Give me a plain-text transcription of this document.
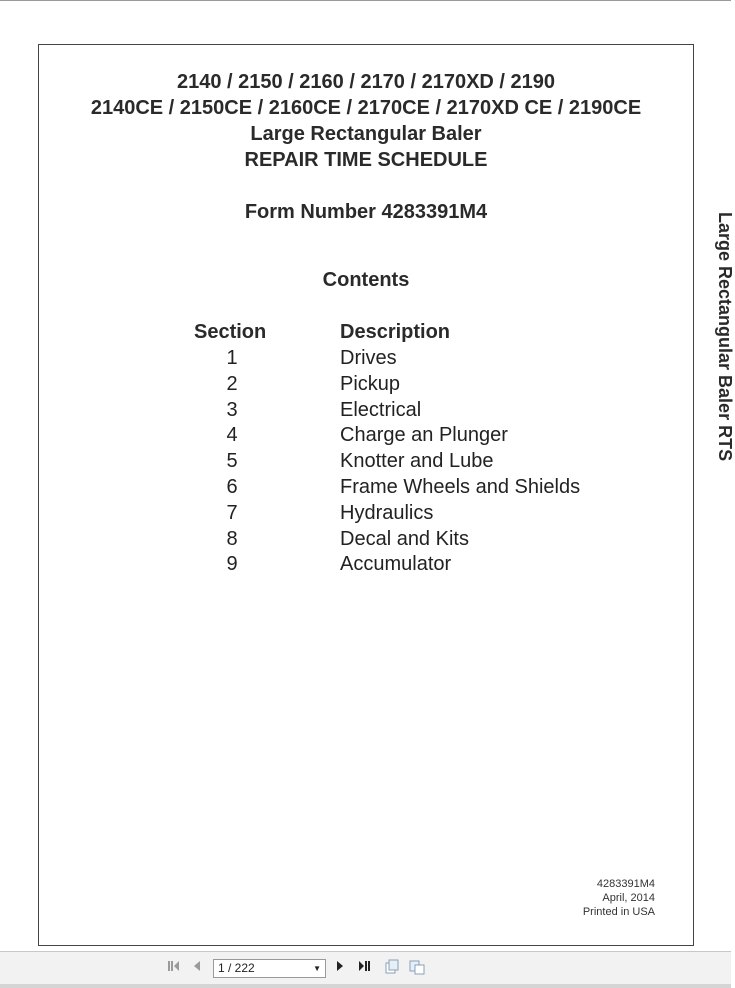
2140 / 2150 / 2160 / 2170 / 2170XD / 2190
2140CE / 2150CE / 2160CE / 2170CE / 2170XD CE / 2190CE
Large Rectangular Baler
REPAIR TIME SCHEDULE
Form Number 4283391M4
Contents
Section	Description
1	Drives
2	Pickup
3	Electrical
4	Charge an Plunger
5	Knotter and Lube
6	Frame Wheels and Shields
7	Hydraulics
8	Decal and Kits
9	Accumulator
4283391M4
April, 2014
Printed in USA
Large Rectangular Baler RTS
1 / 222	▼
